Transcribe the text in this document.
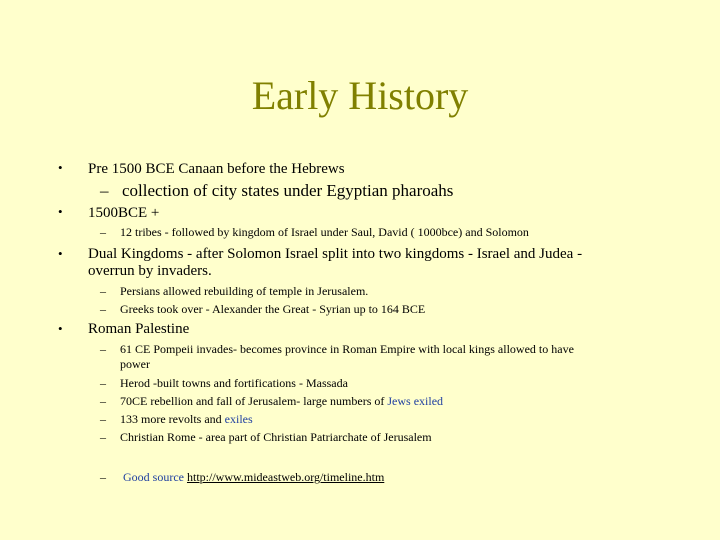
Early History
• Pre 1500 BCE Canaan before the Hebrews
– collection of city states under Egyptian pharoahs
• 1500BCE +
– 12 tribes - followed by kingdom of Israel under Saul, David ( 1000bce) and Solomon
• Dual Kingdoms - after Solomon Israel split into two kingdoms - Israel and Judea -
overrun by invaders.
– Persians allowed rebuilding of temple in Jerusalem.
– Greeks took over - Alexander the Great - Syrian up to 164 BCE
• Roman Palestine
– 61 CE Pompeii invades- becomes province in Roman Empire with local kings allowed to have
power
– Herod -built towns and fortifications - Massada
– 70CE rebellion and fall of Jerusalem- large numbers of Jews exiled
– 133 more revolts and exiles
– Christian Rome - area part of Christian Patriarchate of Jerusalem
– Good source http://www.mideastweb.org/timeline.htm
